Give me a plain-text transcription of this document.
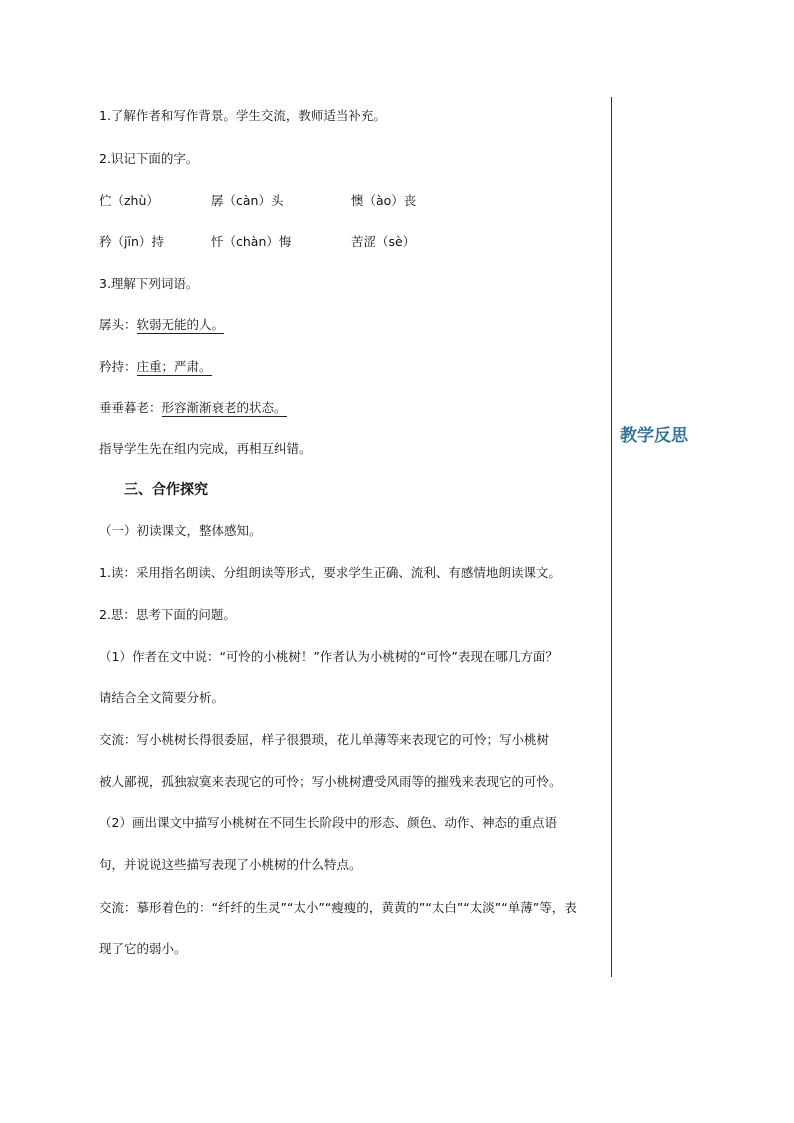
1.了解作者和写作背景。学生交流，教师适当补充。
2.识记下面的字。
伫（zhù）	孱（càn）头	懊（ào）丧
矜（jīn）持	忏（chàn）悔	苦涩（sè）
3.理解下列词语。
孱头：软弱无能的人。
矜持：庄重；严肃。
垂垂暮老：形容渐渐衰老的状态。
指导学生先在组内完成，再相互纠错。
三、合作探究
（一）初读课文，整体感知。
1.读：采用指名朗读、分组朗读等形式，要求学生正确、流利、有感情地朗读课文。
2.思：思考下面的问题。
（1）作者在文中说：“可怜的小桃树！”作者认为小桃树的“可怜”表现在哪几方面？
请结合全文简要分析。
交流：写小桃树长得很委屈，样子很猥琐，花儿单薄等来表现它的可怜；写小桃树
被人鄙视，孤独寂寞来表现它的可怜；写小桃树遭受风雨等的摧残来表现它的可怜。
（2）画出课文中描写小桃树在不同生长阶段中的形态、颜色、动作、神态的重点语
句，并说说这些描写表现了小桃树的什么特点。
交流：摹形着色的：“纤纤的生灵”“太小”“瘦瘦的，黄黄的”“太白”“太淡”“单薄”等，表
现了它的弱小。
教学反思
